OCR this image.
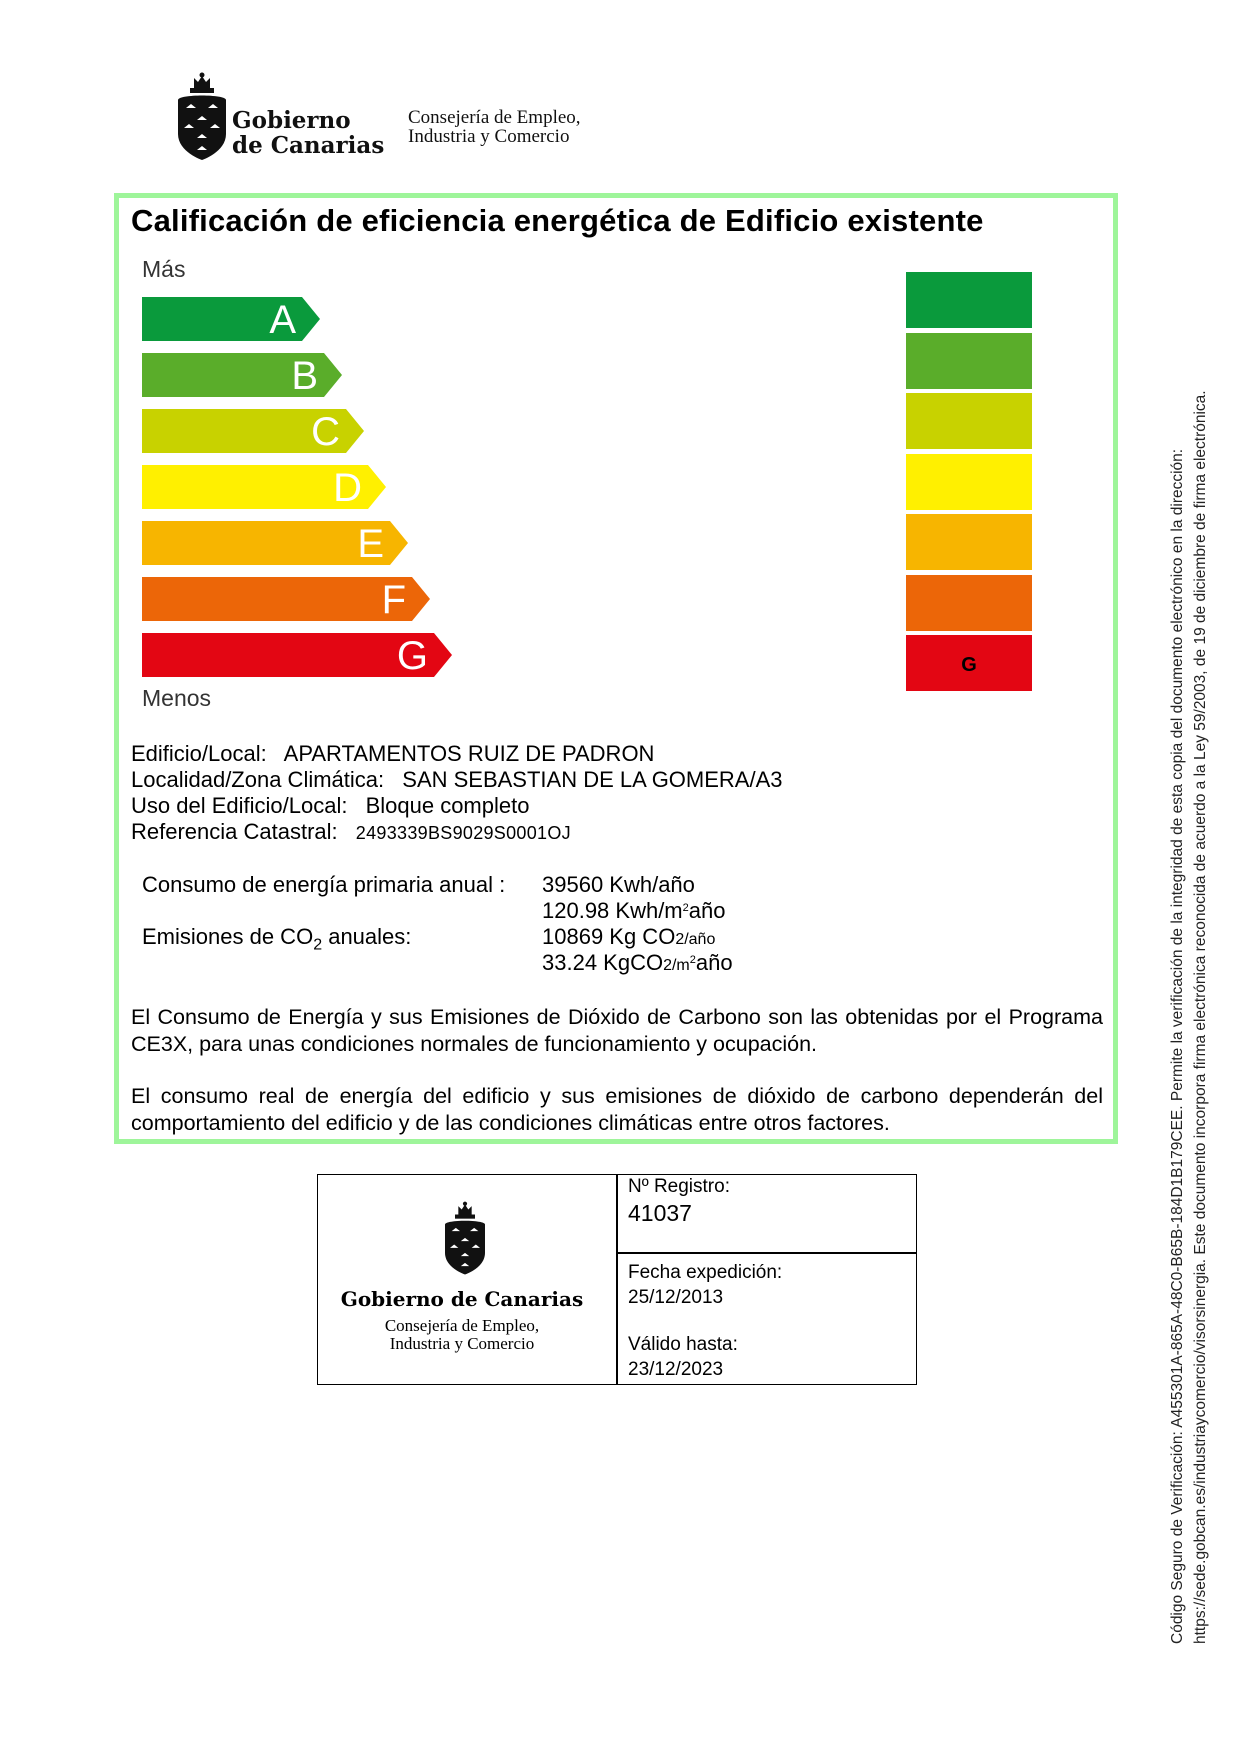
Gobierno
de Canarias
Consejería de Empleo,
Industria y Comercio
Calificación de eficiencia energética de Edificio existente
Más
Menos
A
B
C
D
E
F
G	G
Edificio/Local: APARTAMENTOS RUIZ DE PADRON
Localidad/Zona Climática: SAN SEBASTIAN DE LA GOMERA/A3
Uso del Edificio/Local: Bloque completo
Referencia Catastral: 2493339BS9029S0001OJ
Consumo de energía primaria anual : 39560 Kwh/año
120.98 Kwh/$m^2año$
Emisiones de $CO_2$ anuales:	10869 Kg CO2/año
33.24 $KgCO2/m^2año$
El Consumo de Energía y sus Emisiones de Dióxido de Carbono son las obtenidas por el Programa CE3X, para unas condiciones normales de funcionamiento y ocupación.
El consumo real de energía del edificio y sus emisiones de dióxido de carbono dependerán del comportamiento del edificio y de las condiciones climáticas entre otros factores.
Gobierno de Canarias
Consejería de Empleo,
Industria y Comercio
Nº Registro:
41037
Fecha expedición:
25/12/2013
Válido hasta:
23/12/2023	Código Seguro de Verificación: A455301A-865A-48C0-B65B-184D1B179CEE. Permite la verificación de la integridad de esta copia del documento electrónico en la dirección: https://sede.gobcan.es/industriaycomercio/visorsinergia. Este documento incorpora firma electrónica reconocida de acuerdo a la Ley 59/2003, de 19 de diciembre de firma electrónica.
